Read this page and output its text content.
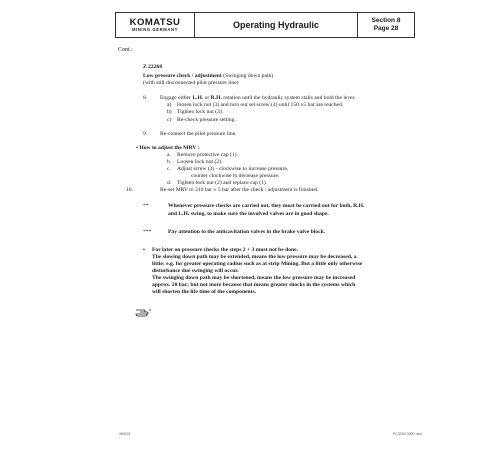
KOMATSU
MINING GERMANY	Operating Hydraulic	Section 8
Page 28
Cont.:
Z 22268
Low pressure check / adjustment (Swinging down path)
(with still disconnected pilot pressure line)
8.	Engage either L.H. or R.H. rotation until the hydraulic system stalls and hold the lever.
a)	loosen lock nut (3) and turn out set screw (4) until 150 ±5 bar are reached.
b) Tighten lock nut (3).
c)	Re-check pressure setting.
9.	Re-connect the pilot pressure line.
• How to adjust the MRV :
a.	Remove protective cap (1).
b.	Loosen lock nut (2).
c.	Adjust screw (3) - clockwise to increase pressure,
counter clockwise to decrease pressure.
d.	Tighten lock nut (2) and replace cap (1).
10.	Re-set MRV to 310 bar ± 5 bar after the check / adjustment is finished.
**	Whenever pressure checks are carried out, they must be carried out for both, R.H. and L.H. swing, to make sure the involved valves are in good shape.
***	Pay attention to the anticavitation valves in the brake valve block.
•	For later on pressure checks the steps 2 + 3 must not be done.
The slowing down path may be extended, means the low pressure may be decreased, a little; e.g. for greater operating radius such as at strip Mining. But a little only otherwise disturbance due swinging will occur.
The swinging down path may be shortened, means the low pressure may be increased approx. 20 bar; but not more because that means greater shocks in the systems which will shorten the life time of the components.
260101	PC3000 0000 .doc
